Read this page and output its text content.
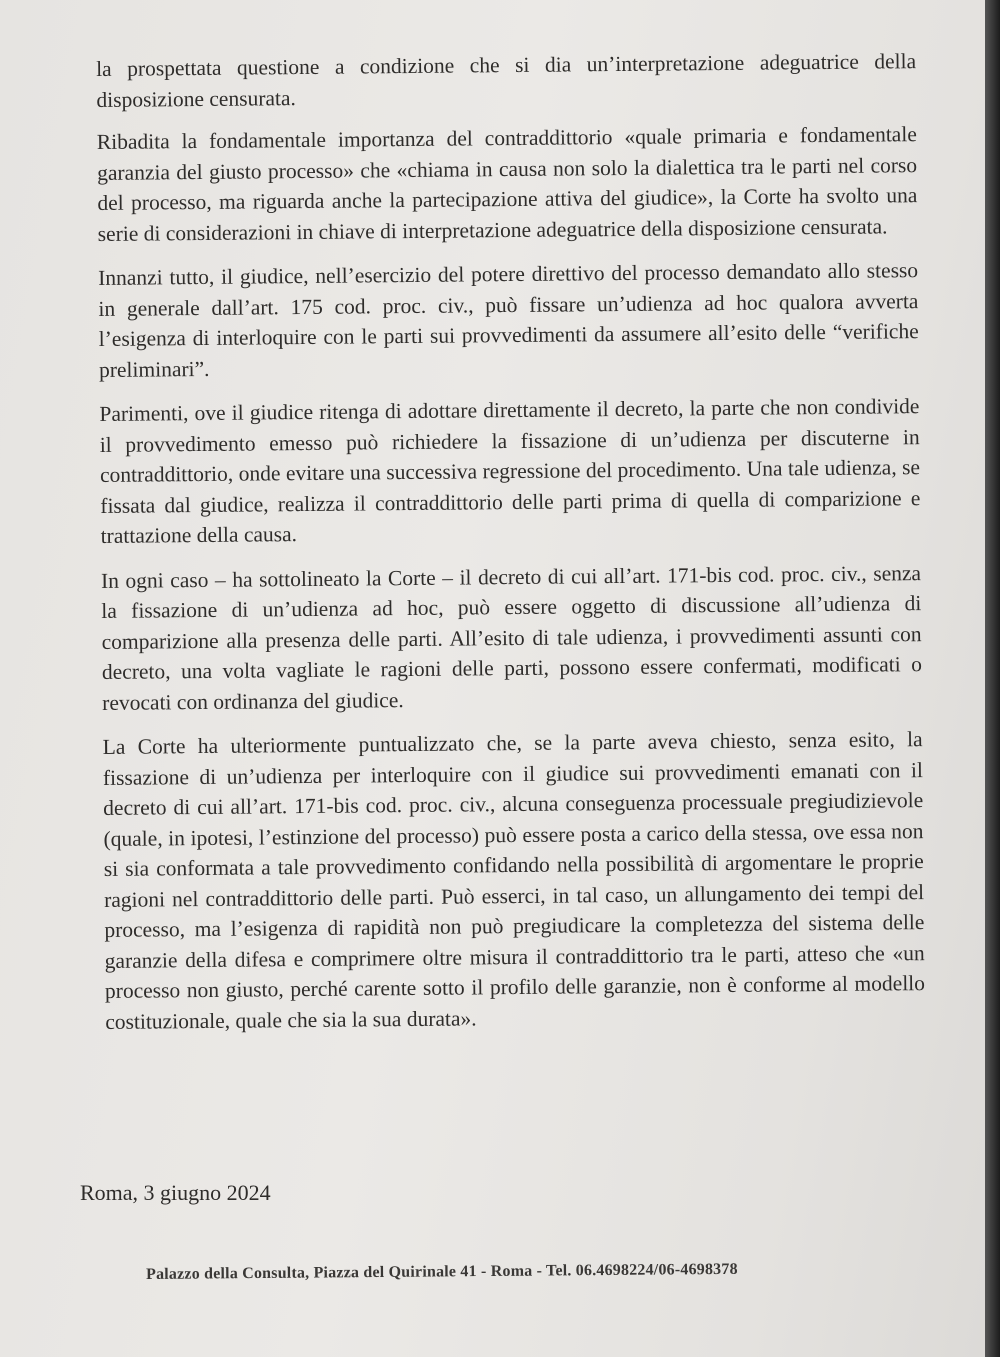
la prospettata questione a condizione che si dia un’interpretazione adeguatrice della disposizione censurata.

Ribadita la fondamentale importanza del contraddittorio «quale primaria e fondamentale garanzia del giusto processo» che «chiama in causa non solo la dialettica tra le parti nel corso del processo, ma riguarda anche la partecipazione attiva del giudice», la Corte ha svolto una serie di considerazioni in chiave di interpretazione adeguatrice della disposizione censurata.

Innanzi tutto, il giudice, nell’esercizio del potere direttivo del processo demandato allo stesso in generale dall’art. 175 cod. proc. civ., può fissare un’udienza ad hoc qualora avverta l’esigenza di interloquire con le parti sui provvedimenti da assumere all’esito delle “verifiche preliminari”.

Parimenti, ove il giudice ritenga di adottare direttamente il decreto, la parte che non condivide il provvedimento emesso può richiedere la fissazione di un’udienza per discuterne in contraddittorio, onde evitare una successiva regressione del procedimento. Una tale udienza, se fissata dal giudice, realizza il contraddittorio delle parti prima di quella di comparizione e trattazione della causa.

In ogni caso – ha sottolineato la Corte – il decreto di cui all’art. 171-bis cod. proc. civ., senza la fissazione di un’udienza ad hoc, può essere oggetto di discussione all’udienza di comparizione alla presenza delle parti. All’esito di tale udienza, i provvedimenti assunti con decreto, una volta vagliate le ragioni delle parti, possono essere confermati, modificati o revocati con ordinanza del giudice.

La Corte ha ulteriormente puntualizzato che, se la parte aveva chiesto, senza esito, la fissazione di un’udienza per interloquire con il giudice sui provvedimenti emanati con il decreto di cui all’art. 171-bis cod. proc. civ., alcuna conseguenza processuale pregiudizievole (quale, in ipotesi, l’estinzione del processo) può essere posta a carico della stessa, ove essa non si sia conformata a tale provvedimento confidando nella possibilità di argomentare le proprie ragioni nel contraddittorio delle parti. Può esserci, in tal caso, un allungamento dei tempi del processo, ma l’esigenza di rapidità non può pregiudicare la completezza del sistema delle garanzie della difesa e comprimere oltre misura il contraddittorio tra le parti, atteso che «un processo non giusto, perché carente sotto il profilo delle garanzie, non è conforme al modello costituzionale, quale che sia la sua durata».

Roma, 3 giugno 2024
Palazzo della Consulta, Piazza del Quirinale 41 - Roma - Tel. 06.4698224/06-4698378
